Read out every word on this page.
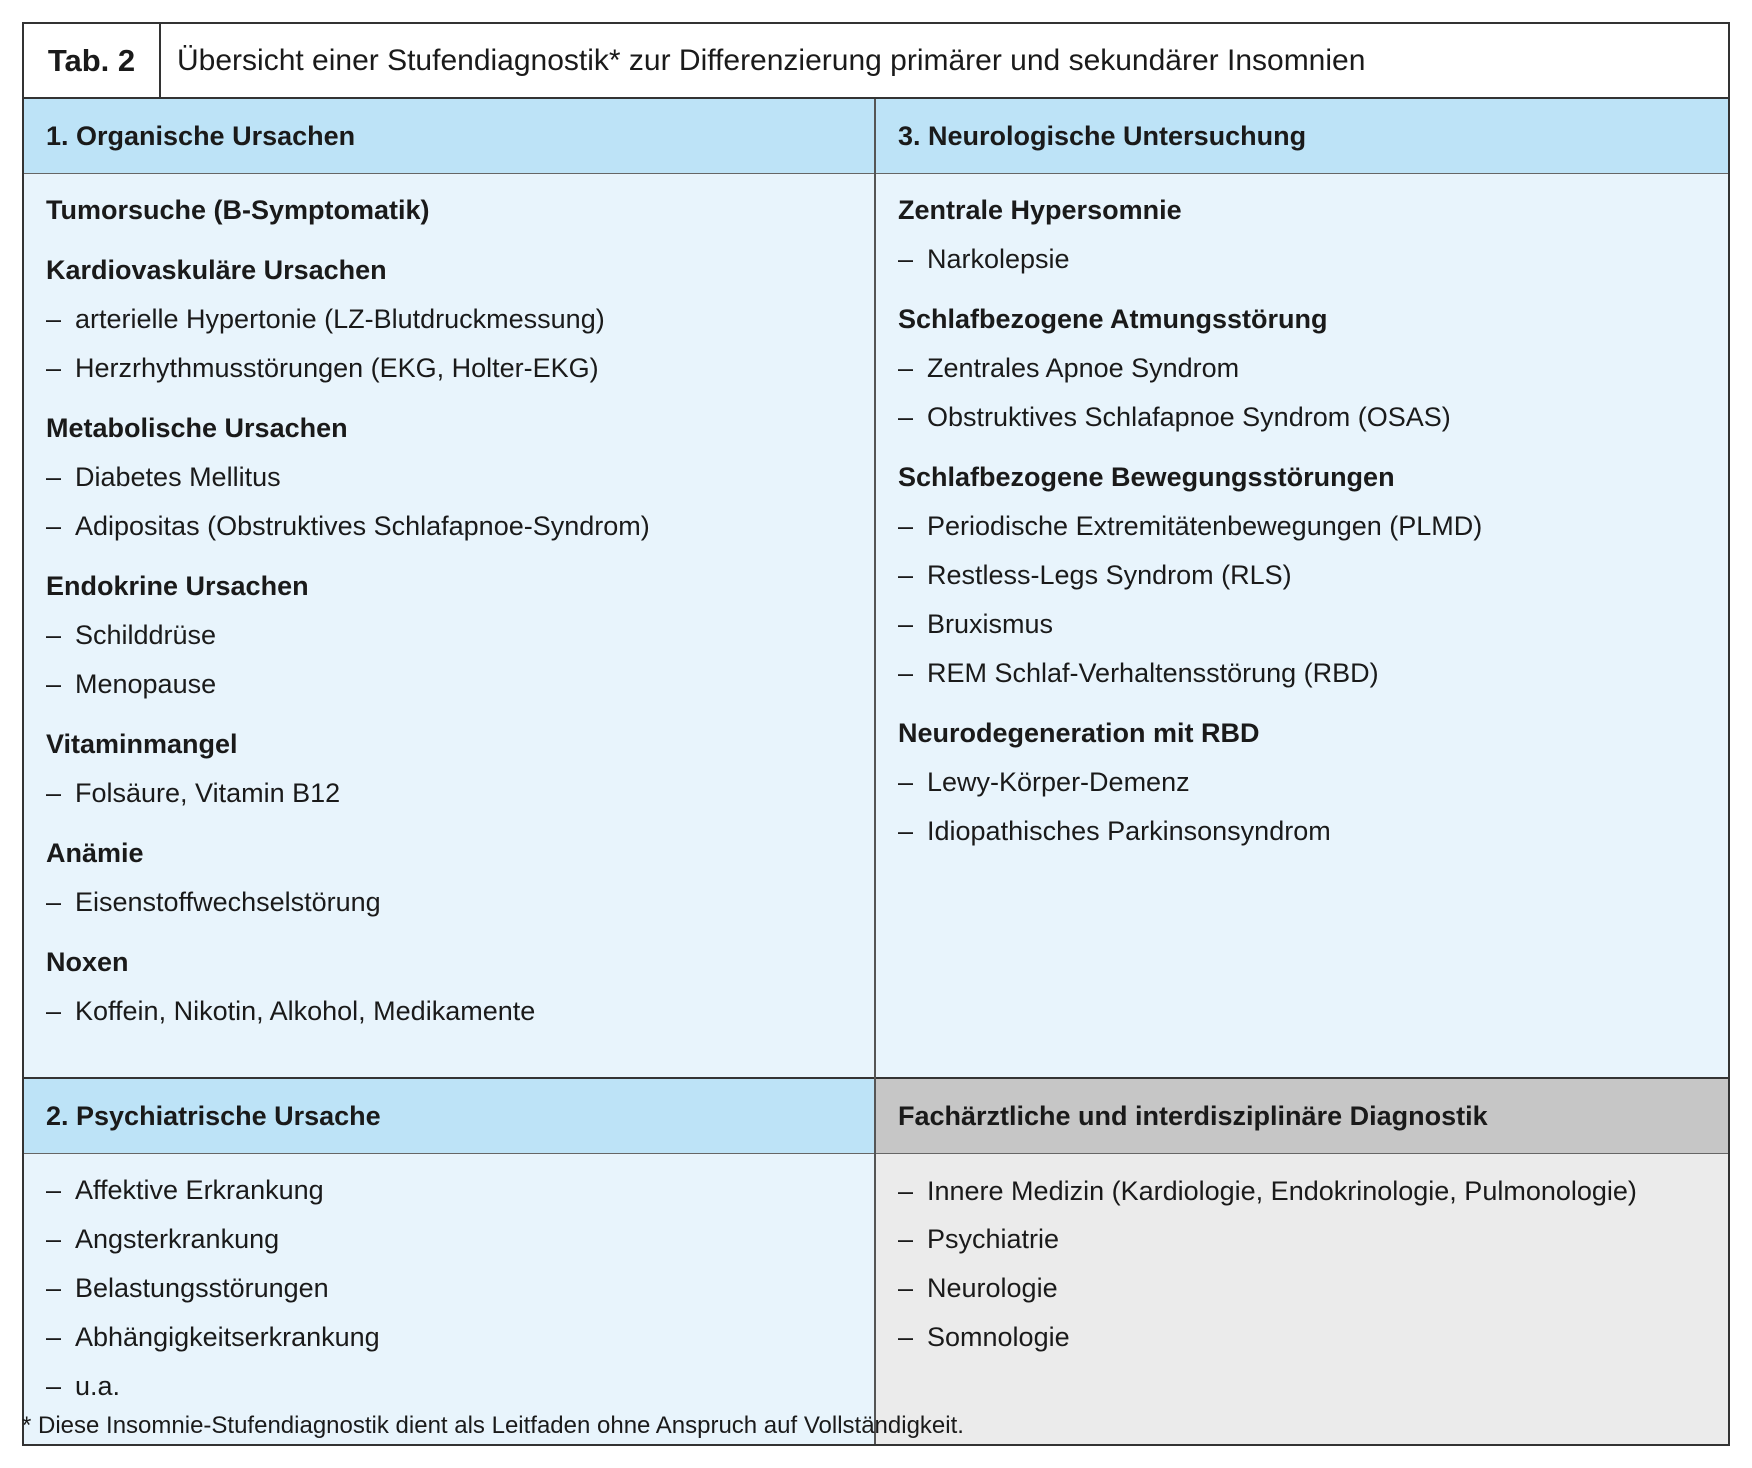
Tab. 2	Übersicht einer Stufendiagnostik* zur Differenzierung primärer und sekundärer Insomnien
1. Organische Ursachen
Tumorsuche (B-Symptomatik)
Kardiovaskuläre Ursachen
– arterielle Hypertonie (LZ-Blutdruckmessung)
– Herzrhythmusstörungen (EKG, Holter-EKG)
Metabolische Ursachen
– Diabetes Mellitus
– Adipositas (Obstruktives Schlafapnoe-Syndrom)
Endokrine Ursachen
– Schilddrüse
– Menopause
Vitaminmangel
– Folsäure, Vitamin B12
Anämie
– Eisenstoffwechselstörung
Noxen
– Koffein, Nikotin, Alkohol, Medikamente
3. Neurologische Untersuchung
Zentrale Hypersomnie
– Narkolepsie
Schlafbezogene Atmungsstörung
– Zentrales Apnoe Syndrom
– Obstruktives Schlafapnoe Syndrom (OSAS)
Schlafbezogene Bewegungsstörungen
– Periodische Extremitätenbewegungen (PLMD)
– Restless-Legs Syndrom (RLS)
– Bruxismus
– REM Schlaf-Verhaltensstörung (RBD)
Neurodegeneration mit RBD
– Lewy-Körper-Demenz
– Idiopathisches Parkinsonsyndrom
2. Psychiatrische Ursache
– Affektive Erkrankung
– Angsterkrankung
– Belastungsstörungen
– Abhängigkeitserkrankung
– u.a.
Fachärztliche und interdisziplinäre Diagnostik
– Innere Medizin (Kardiologie, Endokrinologie, Pulmonologie)
– Psychiatrie
– Neurologie
– Somnologie
* Diese Insomnie-Stufendiagnostik dient als Leitfaden ohne Anspruch auf Vollständigkeit.
